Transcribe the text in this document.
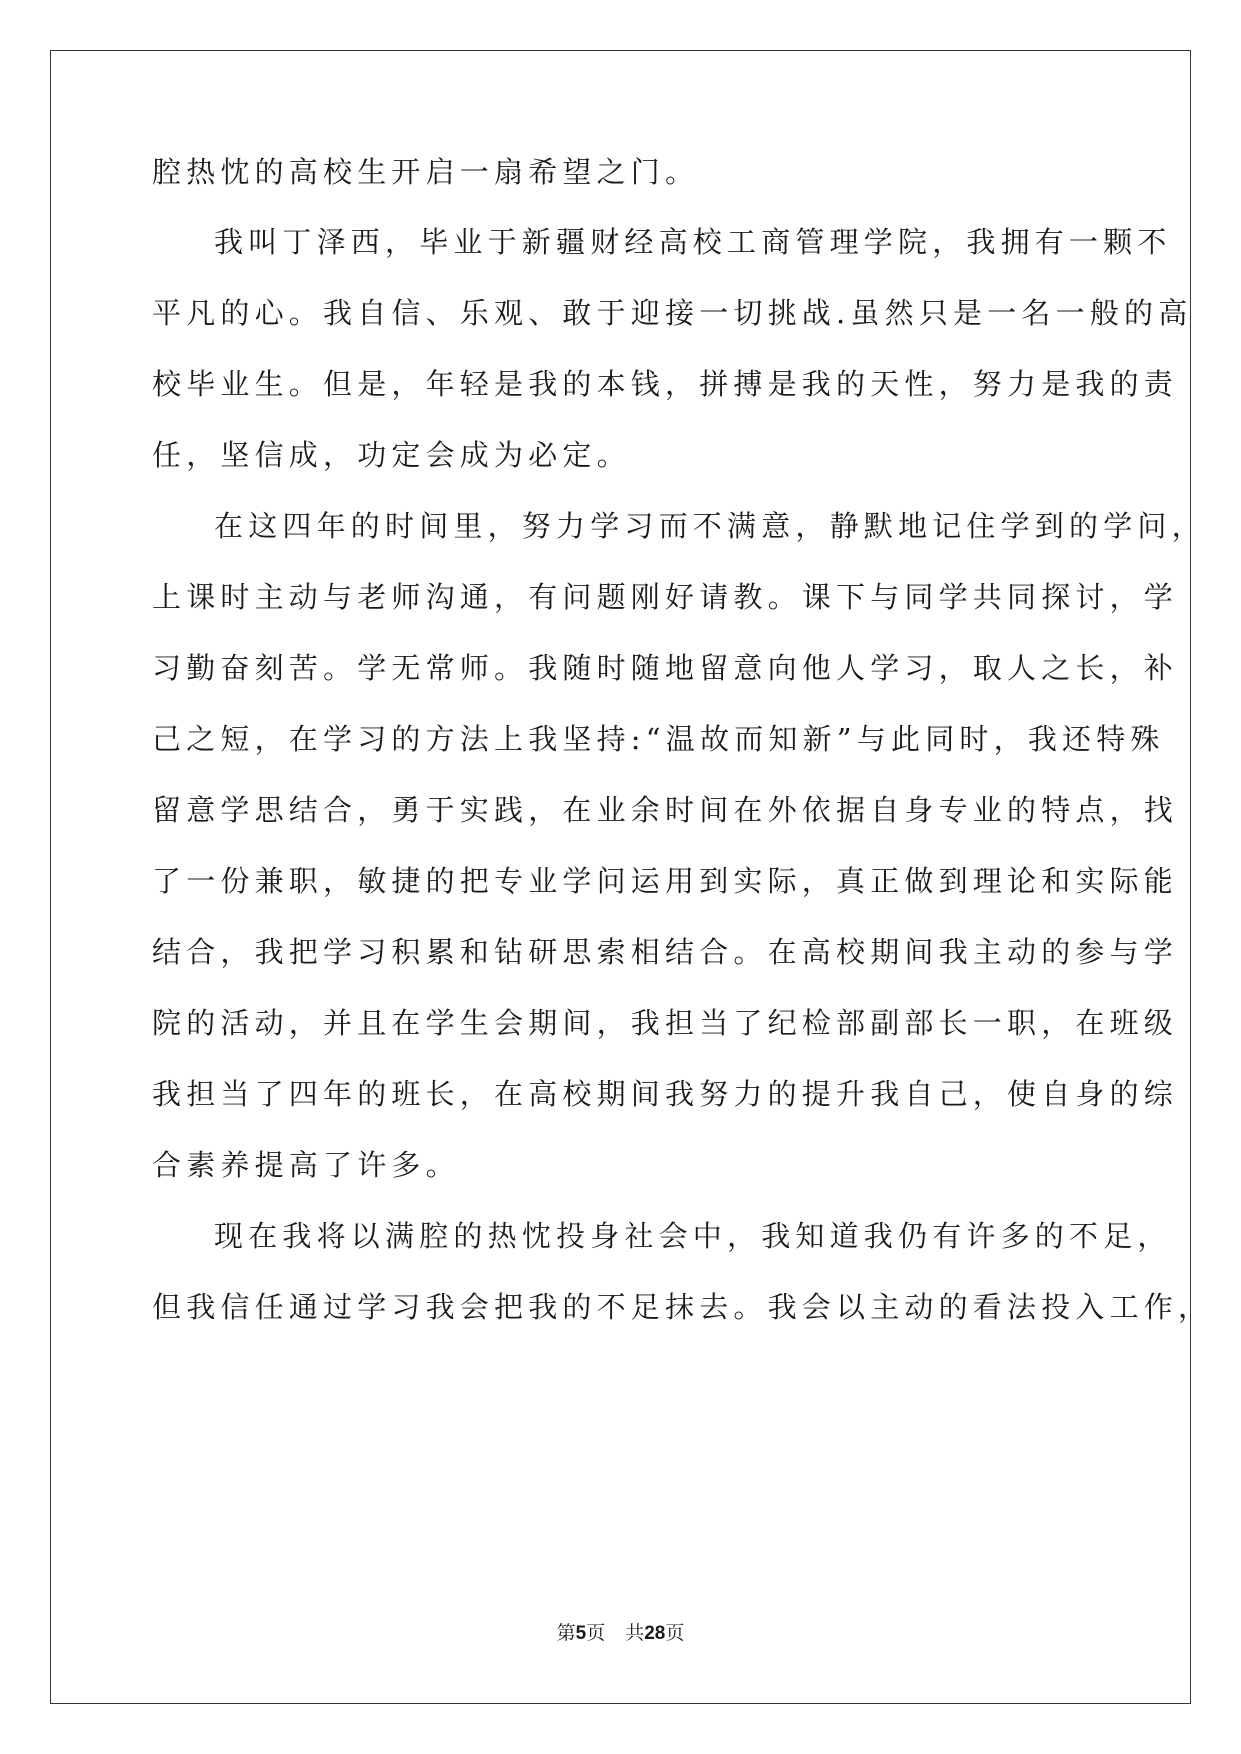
腔热忱的高校生开启一扇希望之门。
我叫丁泽西，毕业于新疆财经高校工商管理学院，我拥有一颗不
平凡的心。我自信、乐观、敢于迎接一切挑战.虽然只是一名一般的高
校毕业生。但是，年轻是我的本钱，拼搏是我的天性，努力是我的责
任，坚信成，功定会成为必定。
在这四年的时间里，努力学习而不满意，静默地记住学到的学问，
上课时主动与老师沟通，有问题刚好请教。课下与同学共同探讨，学
习勤奋刻苦。学无常师。我随时随地留意向他人学习，取人之长，补
己之短，在学习的方法上我坚持:“温故而知新”与此同时，我还特殊
留意学思结合，勇于实践，在业余时间在外依据自身专业的特点，找
了一份兼职，敏捷的把专业学问运用到实际，真正做到理论和实际能
结合，我把学习积累和钻研思索相结合。在高校期间我主动的参与学
院的活动，并且在学生会期间，我担当了纪检部副部长一职，在班级
我担当了四年的班长，在高校期间我努力的提升我自己，使自身的综
合素养提高了许多。
现在我将以满腔的热忱投身社会中，我知道我仍有许多的不足，
但我信任通过学习我会把我的不足抹去。我会以主动的看法投入工作，
第5页 共28页
